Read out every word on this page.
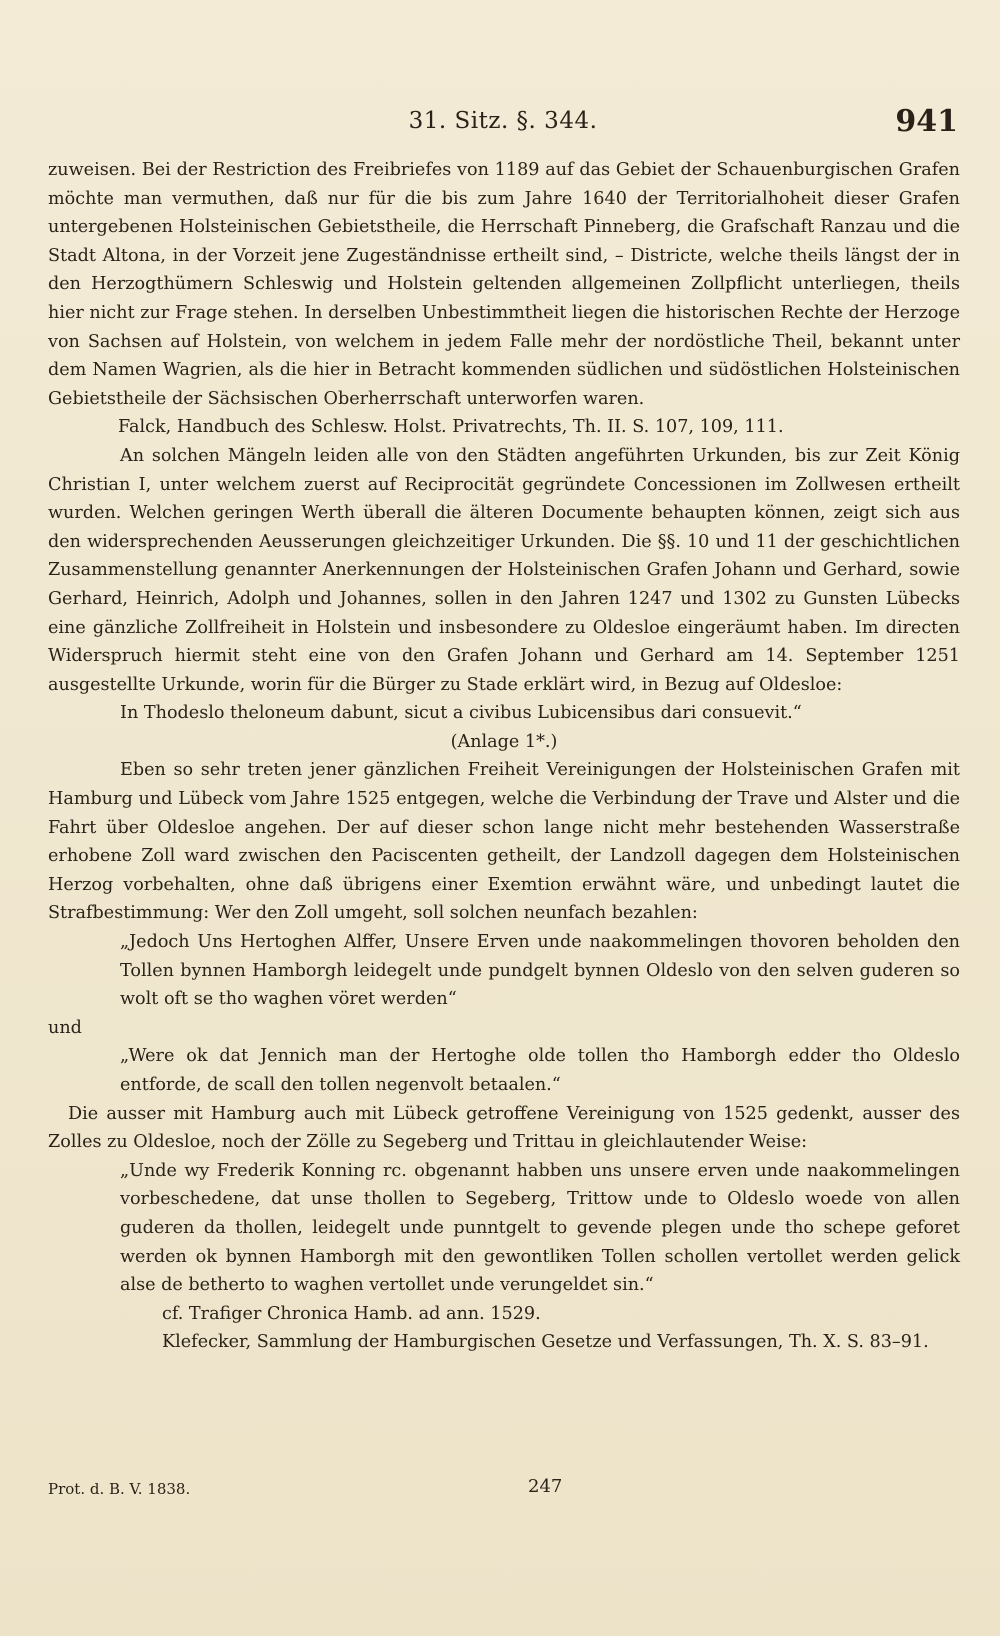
31. Sitz. §. 344.	941

zuweisen. Bei der Restriction des Freibriefes von 1189 auf das Gebiet der Schauenburgischen Grafen möchte man vermuthen, daß nur für die bis zum Jahre 1640 der Territorialhoheit dieser Grafen untergebenen Holsteinischen Gebietstheile, die Herrschaft Pinneberg, die Grafschaft Ranzau und die Stadt Altona, in der Vorzeit jene Zugeständnisse ertheilt sind, – Districte, welche theils längst der in den Herzogthümern Schleswig und Holstein geltenden allgemeinen Zollpflicht unterliegen, theils hier nicht zur Frage stehen. In derselben Unbestimmtheit liegen die historischen Rechte der Herzoge von Sachsen auf Holstein, von welchem in jedem Falle mehr der nordöstliche Theil, bekannt unter dem Namen Wagrien, als die hier in Betracht kommenden südlichen und südöstlichen Holsteinischen Gebietstheile der Sächsischen Oberherrschaft unterworfen waren.

Falck, Handbuch des Schlesw. Holst. Privatrechts, Th. II. S. 107, 109, 111.

An solchen Mängeln leiden alle von den Städten angeführten Urkunden, bis zur Zeit König Christian I, unter welchem zuerst auf Reciprocität gegründete Concessionen im Zollwesen ertheilt wurden. Welchen geringen Werth überall die älteren Documente behaupten können, zeigt sich aus den widersprechenden Aeusserungen gleichzeitiger Urkunden. Die §§. 10 und 11 der geschichtlichen Zusammenstellung genannter Anerkennungen der Holsteinischen Grafen Johann und Gerhard, sowie Gerhard, Heinrich, Adolph und Johannes, sollen in den Jahren 1247 und 1302 zu Gunsten Lübecks eine gänzliche Zollfreiheit in Holstein und insbesondere zu Oldesloe eingeräumt haben. Im directen Widerspruch hiermit steht eine von den Grafen Johann und Gerhard am 14. September 1251 ausgestellte Urkunde, worin für die Bürger zu Stade erklärt wird, in Bezug auf Oldesloe:

In Thodeslo theloneum dabunt, sicut a civibus Lubicensibus dari consuevit.“

(Anlage 1*.)

Eben so sehr treten jener gänzlichen Freiheit Vereinigungen der Holsteinischen Grafen mit Hamburg und Lübeck vom Jahre 1525 entgegen, welche die Verbindung der Trave und Alster und die Fahrt über Oldesloe angehen. Der auf dieser schon lange nicht mehr bestehenden Wasserstraße erhobene Zoll ward zwischen den Paciscenten getheilt, der Landzoll dagegen dem Holsteinischen Herzog vorbehalten, ohne daß übrigens einer Exemtion erwähnt wäre, und unbedingt lautet die Strafbestimmung: Wer den Zoll umgeht, soll solchen neunfach bezahlen:

„Jedoch Uns Hertoghen Alffer, Unsere Erven unde naakommelingen thovoren beholden den Tollen bynnen Hamborgh leidegelt unde pundgelt bynnen Oldeslo von den selven guderen so wolt oft se tho waghen vöret werden“

und

„Were ok dat Jennich man der Hertoghe olde tollen tho Hamborgh edder tho Oldeslo entforde, de scall den tollen negenvolt betaalen.“

Die ausser mit Hamburg auch mit Lübeck getroffene Vereinigung von 1525 gedenkt, ausser des Zolles zu Oldesloe, noch der Zölle zu Segeberg und Trittau in gleichlautender Weise:

„Unde wy Frederik Konning rc. obgenannt habben uns unsere erven unde naakommelingen vorbeschedene, dat unse thollen to Segeberg, Trittow unde to Oldeslo woede von allen guderen da thollen, leidegelt unde punntgelt to gevende plegen unde tho schepe geforet werden ok bynnen Hamborgh mit den gewontliken Tollen schollen vertollet werden gelick alse de betherto to waghen vertollet unde verungeldet sin.“

cf. Trafiger Chronica Hamb. ad ann. 1529.

Klefecker, Sammlung der Hamburgischen Gesetze und Verfassungen, Th. X. S. 83–91.

Prot. d. B. V. 1838.	247
